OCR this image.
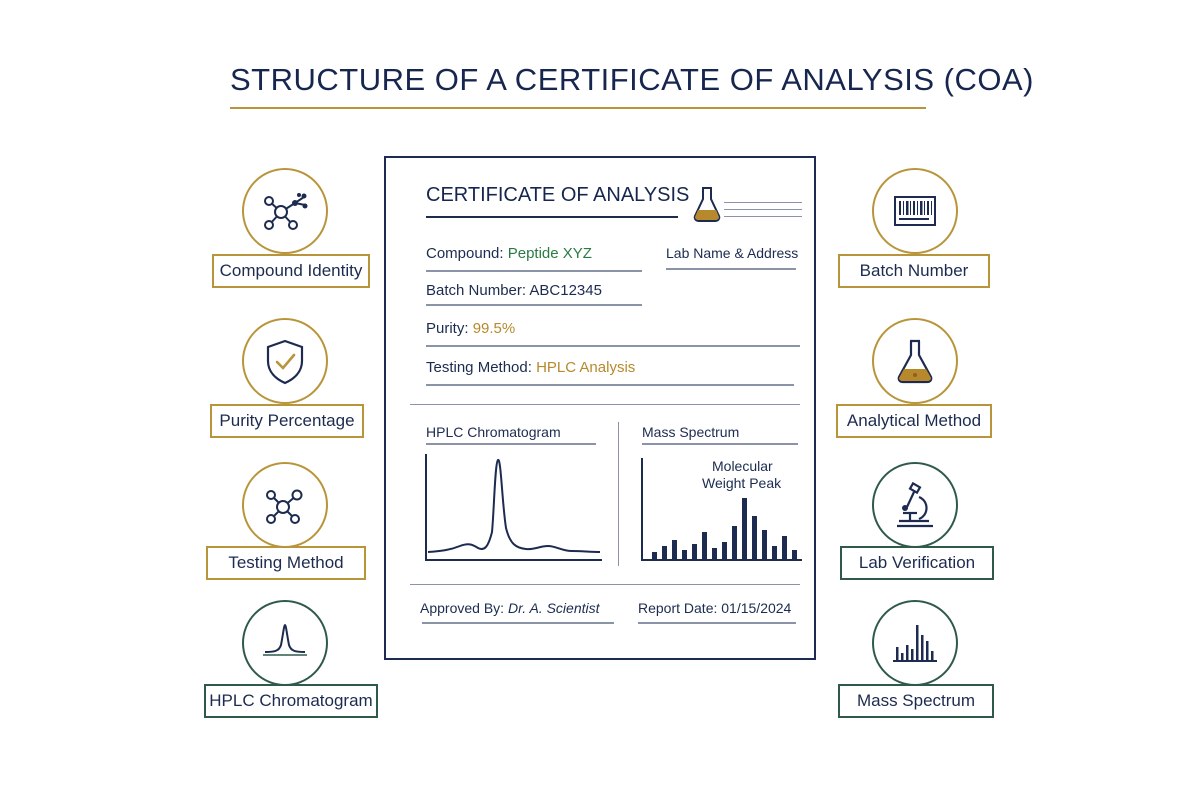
STRUCTURE OF A CERTIFICATE OF ANALYSIS (COA)
Compound Identity
Purity Percentage
Testing Method
HPLC Chromatogram
Batch Number
Analytical Method
Lab Verification
Mass Spectrum
CERTIFICATE OF ANALYSIS
Compound: Peptide XYZ	Lab Name & Address
Batch Number: ABC12345
Purity: 99.5%
Testing Method: HPLC Analysis
HPLC Chromatogram	Mass Spectrum
Molecular
Weight Peak
Approved By: Dr. A. Scientist	Report Date: 01/15/2024
